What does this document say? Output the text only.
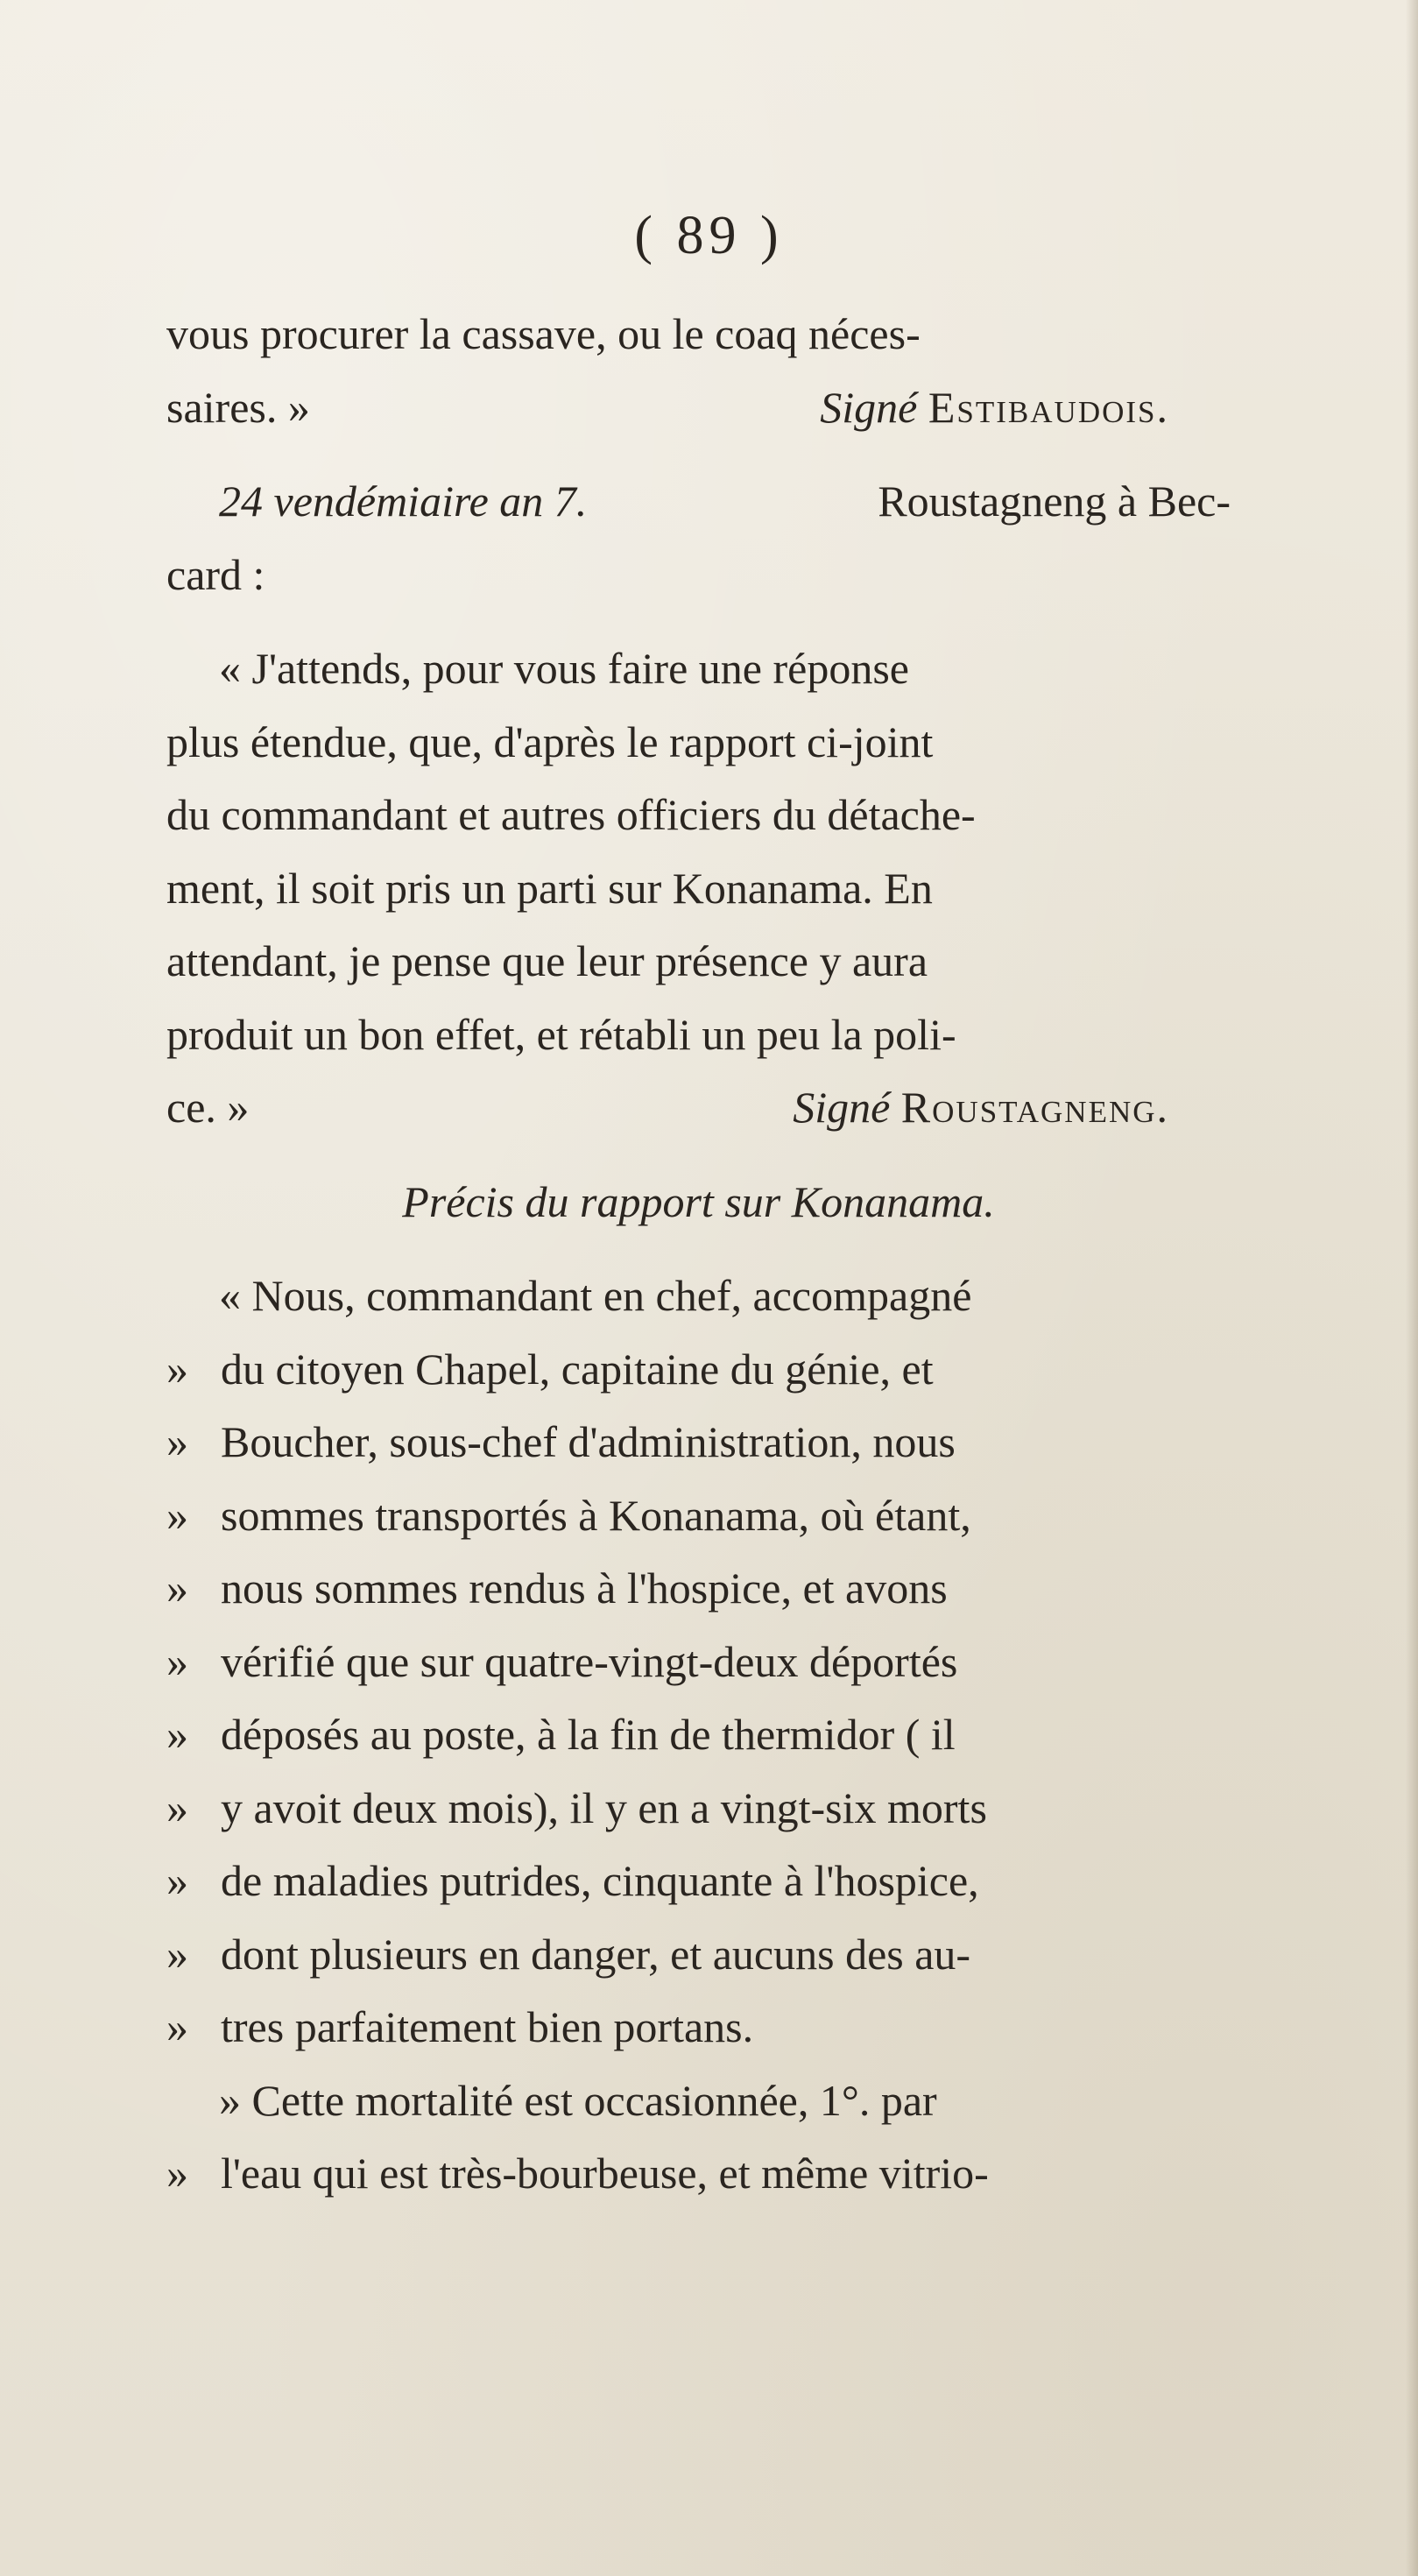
( 89 )
vous procurer la cassave, ou le coaq néces-
saires. »	Signé Estibaudois.
24 vendémiaire an 7.	Roustagneng à Bec-
card :
« J'attends, pour vous faire une réponse
plus étendue, que, d'après le rapport ci-joint
du commandant et autres officiers du détache-
ment, il soit pris un parti sur Konanama. En
attendant, je pense que leur présence y aura
produit un bon effet, et rétabli un peu la poli-
ce. »	Signé Roustagneng.
Précis du rapport sur Konanama.
« Nous, commandant en chef, accompagné
» du citoyen Chapel, capitaine du génie, et
» Boucher, sous-chef d'administration, nous
» sommes transportés à Konanama, où étant,
» nous sommes rendus à l'hospice, et avons
» vérifié que sur quatre-vingt-deux déportés
» déposés au poste, à la fin de thermidor ( il
» y avoit deux mois), il y en a vingt-six morts
» de maladies putrides, cinquante à l'hospice,
» dont plusieurs en danger, et aucuns des au-
» tres parfaitement bien portans.
» Cette mortalité est occasionnée, 1°. par
» l'eau qui est très-bourbeuse, et même vitrio-
